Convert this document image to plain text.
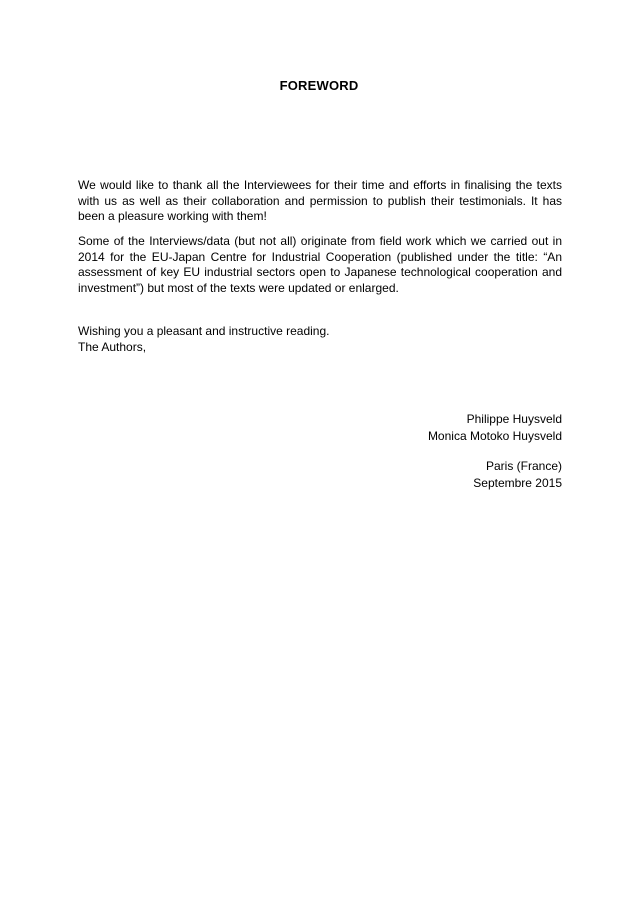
FOREWORD

We would like to thank all the Interviewees for their time and efforts in finalising the texts with us as well as their collaboration and permission to publish their testimonials. It has been a pleasure working with them!

Some of the Interviews/data (but not all) originate from field work which we carried out in 2014 for the EU-Japan Centre for Industrial Cooperation (published under the title: “An assessment of key EU industrial sectors open to Japanese technological cooperation and investment”) but most of the texts were updated or enlarged.

Wishing you a pleasant and instructive reading.
The Authors,
Philippe Huysveld
Monica Motoko Huysveld
Paris (France)
Septembre 2015
